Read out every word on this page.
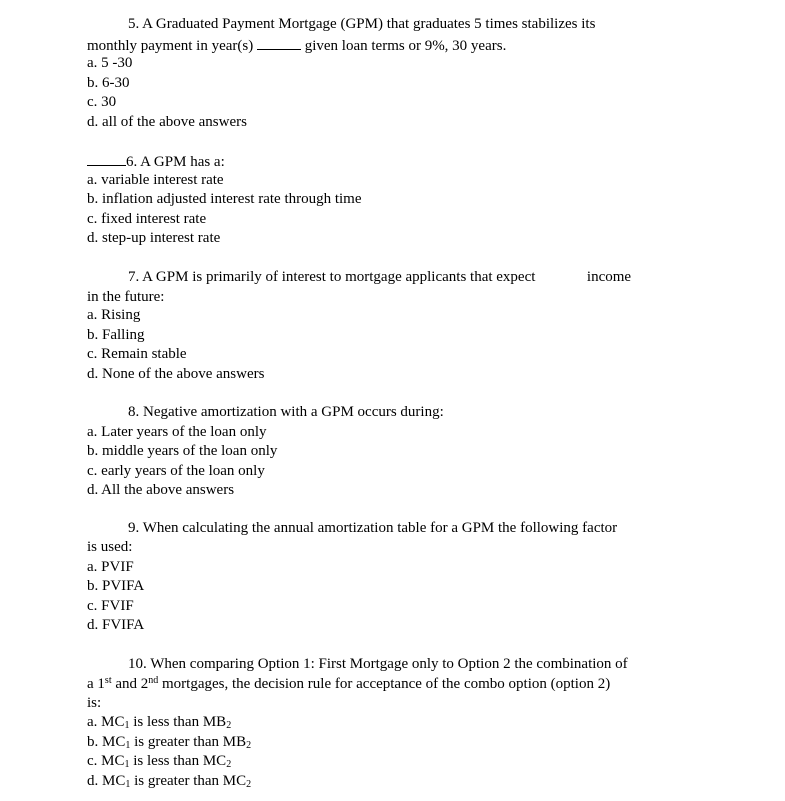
5. A Graduated Payment Mortgage (GPM) that graduates 5 times stabilizes its
monthly payment in year(s)	given loan terms or 9%, 30 years.
a. 5 -30
b. 6-30
c. 30
d. all of the above answers
6. A GPM has a:
a. variable interest rate
b. inflation adjusted interest rate through time
c. fixed interest rate
d. step-up interest rate
7. A GPM is primarily of interest to mortgage applicants that expect	income
in the future:
a. Rising
b. Falling
c. Remain stable
d. None of the above answers
8. Negative amortization with a GPM occurs during:
a. Later years of the loan only
b. middle years of the loan only
c. early years of the loan only
d. All the above answers
9. When calculating the annual amortization table for a GPM the following factor
is used:
a. PVIF
b. PVIFA
c. FVIF
d. FVIFA
10. When comparing Option 1: First Mortgage only to Option 2 the combination of
a 1st and 2nd mortgages, the decision rule for acceptance of the combo option (option 2)
is:
a. $MC_1$ is less than $MB_2$
b. $MC_1$ is greater than $MB_2$
c. $MC_1$ is less than $MC_2$
d. $MC_1$ is greater than $MC_2$
